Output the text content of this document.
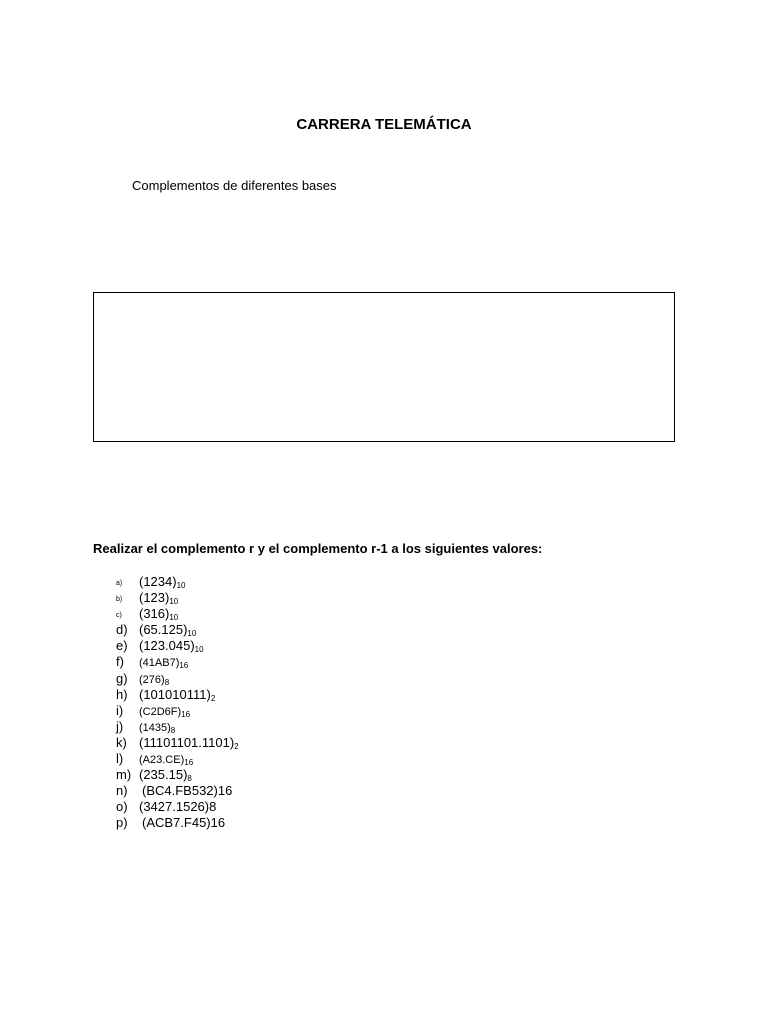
CARRERA TELEMÁTICA
Complementos de diferentes bases
Realizar el complemento r y el complemento r-1 a los siguientes valores:
a) $(1234)_{10}$
b) $(123)_{10}$
c) $(316)_{10}$
d) $(65.125)_{10}$
e) $(123.045)_{10}$
f) $(41AB7)_{16}$
g) $(276)_8$
h) $(101010111)_2$
i) $(C2D6F)_{16}$
j) $(1435)_8$
k) $(11101101.1101)_2$
l) $(A23.CE)_{16}$
m) $(235.15)_8$
n) (BC4.FB532)16
o) (3427.1526)8
p) (ACB7.F45)16
